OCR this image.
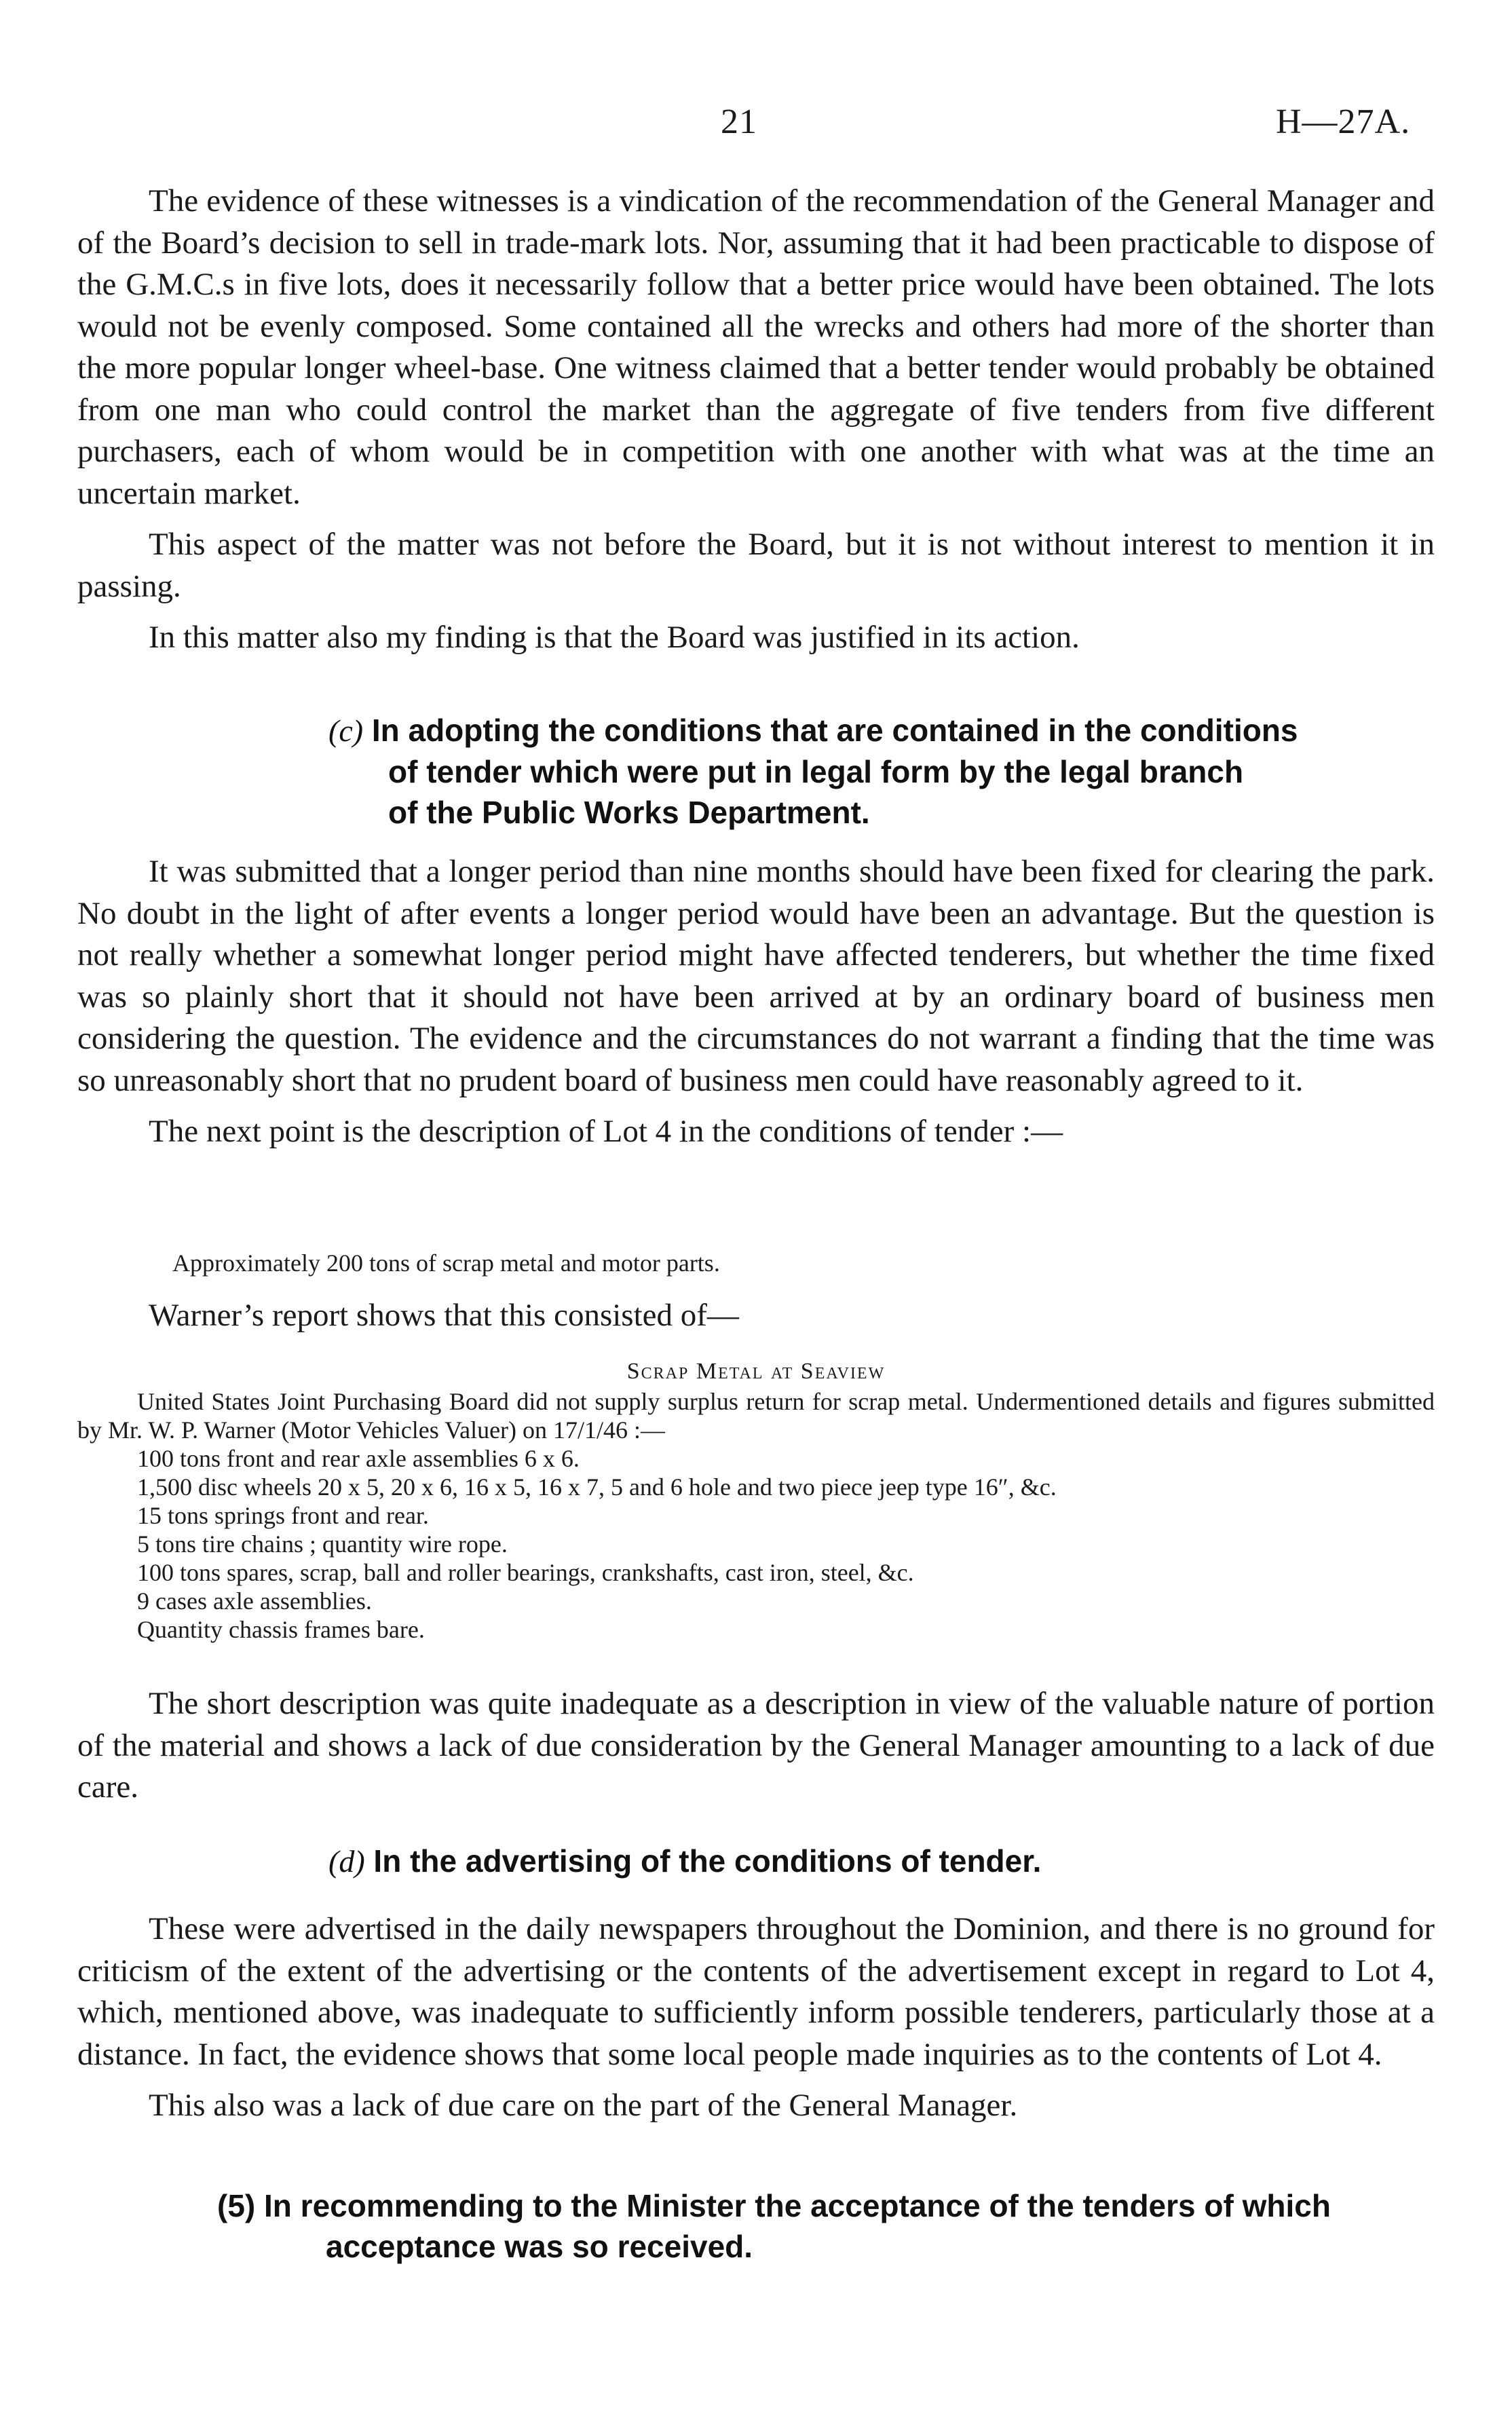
21	H—27A.

The evidence of these witnesses is a vindication of the recommendation of the General Manager and of the Board’s decision to sell in trade-mark lots. Nor, assuming that it had been practicable to dispose of the G.M.C.s in five lots, does it necessarily follow that a better price would have been obtained. The lots would not be evenly composed. Some contained all the wrecks and others had more of the shorter than the more popular longer wheel-base. One witness claimed that a better tender would probably be obtained from one man who could control the market than the aggregate of five tenders from five different purchasers, each of whom would be in competition with one another with what was at the time an uncertain market.

This aspect of the matter was not before the Board, but it is not without interest to mention it in passing.

In this matter also my finding is that the Board was justified in its action.

(c) In adopting the conditions that are contained in the conditions
of tender which were put in legal form by the legal branch
of the Public Works Department.

It was submitted that a longer period than nine months should have been fixed for clearing the park. No doubt in the light of after events a longer period would have been an advantage. But the question is not really whether a somewhat longer period might have affected tenderers, but whether the time fixed was so plainly short that it should not have been arrived at by an ordinary board of business men considering the question. The evidence and the circumstances do not warrant a finding that the time was so unreasonably short that no prudent board of business men could have reasonably agreed to it.

The next point is the description of Lot 4 in the conditions of tender :—

Approximately 200 tons of scrap metal and motor parts.

Warner’s report shows that this consisted of—

Scrap Metal at Seaview
United States Joint Purchasing Board did not supply surplus return for scrap metal. Undermentioned details and figures submitted by Mr. W. P. Warner (Motor Vehicles Valuer) on 17/1/46 :—
100 tons front and rear axle assemblies 6 x 6.
1,500 disc wheels 20 x 5, 20 x 6, 16 x 5, 16 x 7, 5 and 6 hole and two piece jeep type 16″, &c.
15 tons springs front and rear.
5 tons tire chains ; quantity wire rope.
100 tons spares, scrap, ball and roller bearings, crankshafts, cast iron, steel, &c.
9 cases axle assemblies.
Quantity chassis frames bare.

The short description was quite inadequate as a description in view of the valuable nature of portion of the material and shows a lack of due consideration by the General Manager amounting to a lack of due care.

(d) In the advertising of the conditions of tender.

These were advertised in the daily newspapers throughout the Dominion, and there is no ground for criticism of the extent of the advertising or the contents of the advertisement except in regard to Lot 4, which, mentioned above, was inadequate to sufficiently inform possible tenderers, particularly those at a distance. In fact, the evidence shows that some local people made inquiries as to the contents of Lot 4.

This also was a lack of due care on the part of the General Manager.

(5) In recommending to the Minister the acceptance of the tenders of which
acceptance was so received.
